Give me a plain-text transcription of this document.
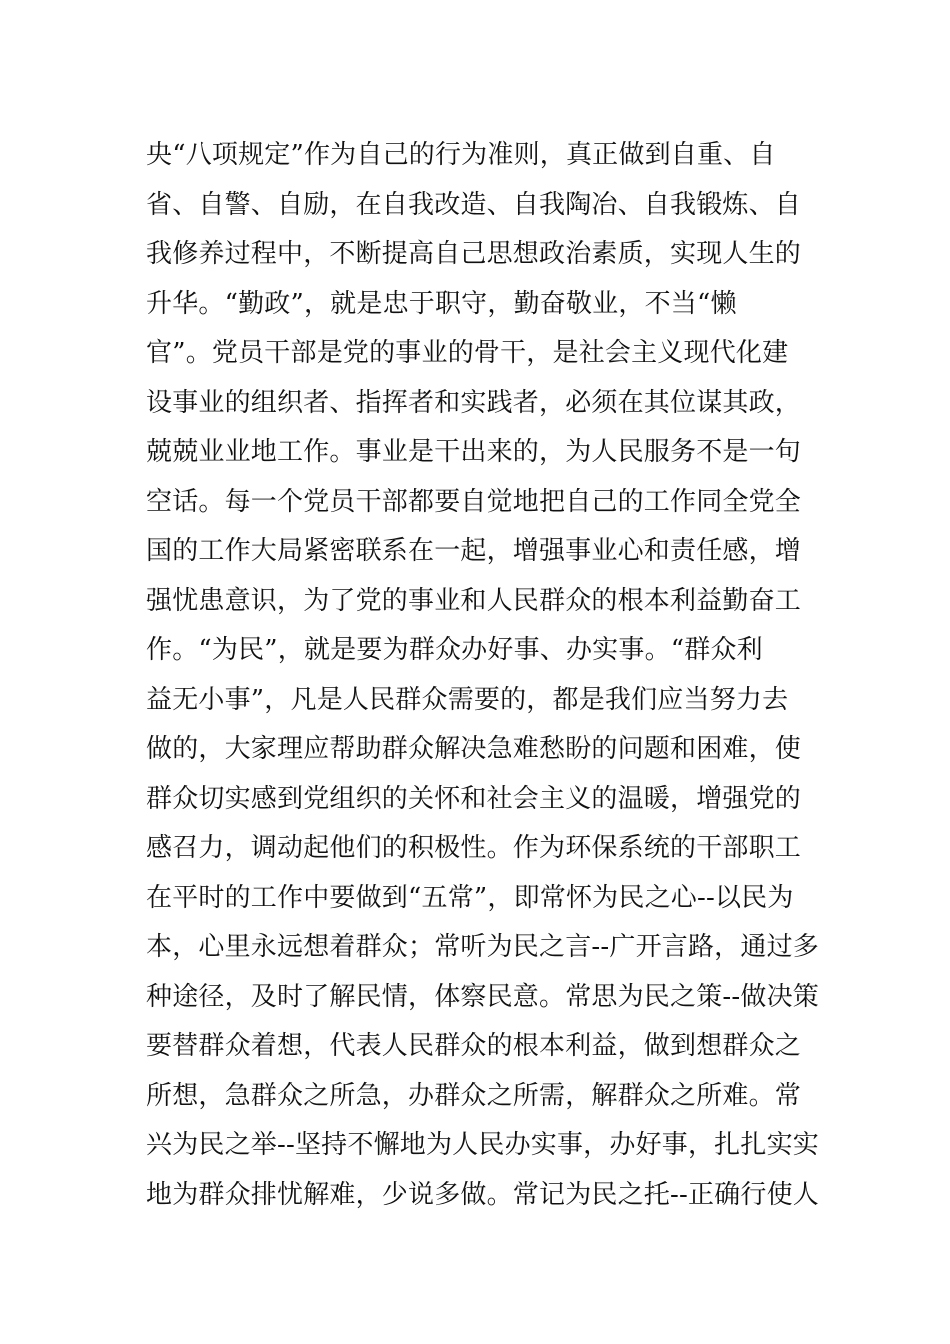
央“八项规定”作为自己的行为准则，真正做到自重、自
省、自警、自励，在自我改造、自我陶冶、自我锻炼、自
我修养过程中，不断提高自己思想政治素质，实现人生的
升华。“勤政”，就是忠于职守，勤奋敬业，不当“懒
官”。党员干部是党的事业的骨干，是社会主义现代化建
设事业的组织者、指挥者和实践者，必须在其位谋其政，
兢兢业业地工作。事业是干出来的，为人民服务不是一句
空话。每一个党员干部都要自觉地把自己的工作同全党全
国的工作大局紧密联系在一起，增强事业心和责任感，增
强忧患意识，为了党的事业和人民群众的根本利益勤奋工
作。“为民”，就是要为群众办好事、办实事。“群众利
益无小事”，凡是人民群众需要的，都是我们应当努力去
做的，大家理应帮助群众解决急难愁盼的问题和困难，使
群众切实感到党组织的关怀和社会主义的温暖，增强党的
感召力，调动起他们的积极性。作为环保系统的干部职工
在平时的工作中要做到“五常”，即常怀为民之心--以民为
本，心里永远想着群众；常听为民之言--广开言路，通过多
种途径，及时了解民情，体察民意。常思为民之策--做决策
要替群众着想，代表人民群众的根本利益，做到想群众之
所想，急群众之所急，办群众之所需，解群众之所难。常
兴为民之举--坚持不懈地为人民办实事，办好事，扎扎实实
地为群众排忧解难，少说多做。常记为民之托--正确行使人
